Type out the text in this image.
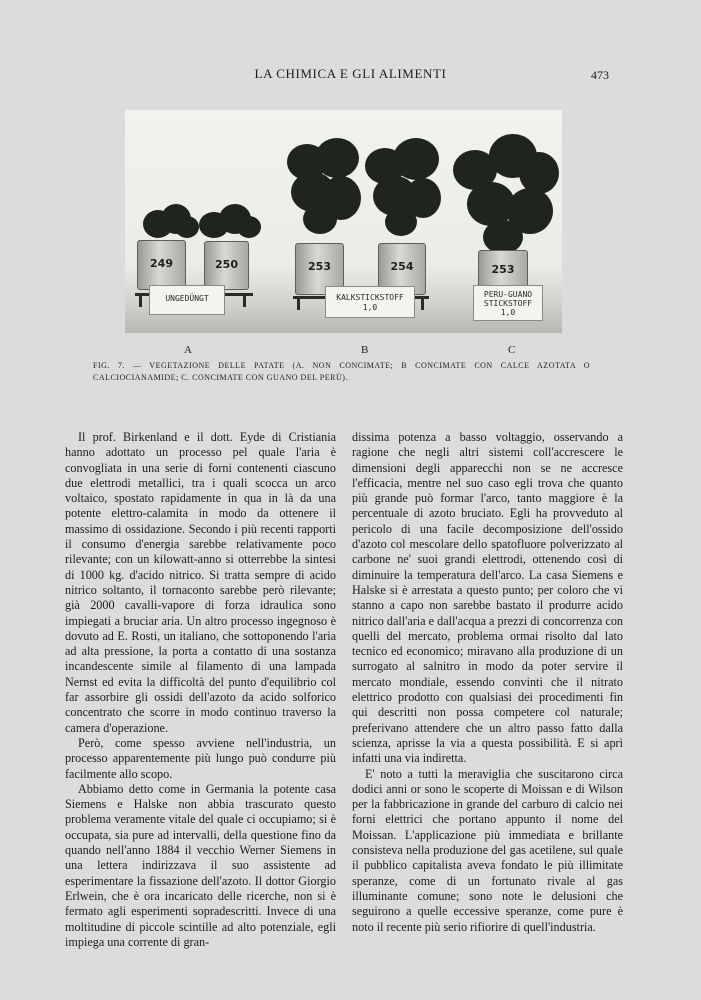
LA CHIMICA E GLI ALIMENTI	473
249	250
UNGEDÜNGT
253	254
KALKSTICKSTOFF
1,0
253
PERU-GUANO
STICKSTOFF
1,0
A	B	C
FIG. 7. — VEGETAZIONE DELLE PATATE (A. NON CONCIMATE; B CONCIMATE CON CALCE AZOTATA O CALCIOCIANAMIDE; C. CONCIMATE CON GUANO DEL PERÙ).

Il prof. Birkenland e il dott. Eyde di Cristiania hanno adottato un processo pel quale l'aria è convogliata in una serie di forni contenenti ciascuno due elettrodi metallici, tra i quali scocca un arco voltaico, spostato rapidamente in qua in là da una potente elettro-calamita in modo da ottenere il massimo di ossidazione. Secondo i più recenti rapporti il consumo d'energia sarebbe relativamente poco rilevante; con un kilowatt-anno si otterrebbe la sintesi di 1000 kg. d'acido nitrico. Si tratta sempre di acido nitrico soltanto, il tornaconto sarebbe però rilevante; già 2000 cavalli-vapore di forza idraulica sono impiegati a bruciar aria. Un altro processo ingegnoso è dovuto ad E. Rosti, un italiano, che sottoponendo l'aria ad alta pressione, la porta a contatto di una sostanza incandescente simile al filamento di una lampada Nernst ed evita la difficoltà del punto d'equilibrio col far assorbire gli ossidi dell'azoto da acido solforico concentrato che scorre in modo continuo traverso la camera d'operazione.

Però, come spesso avviene nell'industria, un processo apparentemente più lungo può condurre più facilmente allo scopo.

Abbiamo detto come in Germania la potente casa Siemens e Halske non abbia trascurato questo problema veramente vitale del quale ci occupiamo; si è occupata, sia pure ad intervalli, della questione fino da quando nell'anno 1884 il vecchio Werner Siemens in una lettera indirizzava il suo assistente ad esperimentare la fissazione dell'azoto. Il dottor Giorgio Erlwein, che è ora incaricato delle ricerche, non si è fermato agli esperimenti sopradescritti. Invece di una moltitudine di piccole scintille ad alto potenziale, egli impiega una corrente di gran-

dissima potenza a basso voltaggio, osservando a ragione che negli altri sistemi coll'accrescere le dimensioni degli apparecchi non se ne accresce l'efficacia, mentre nel suo caso egli trova che quanto più grande può formar l'arco, tanto maggiore è la percentuale di azoto bruciato. Egli ha provveduto al pericolo di una facile decomposizione dell'ossido d'azoto col mescolare dello spatofluore polverizzato al carbone ne' suoi grandi elettrodi, ottenendo così di diminuire la temperatura dell'arco. La casa Siemens e Halske si è arrestata a questo punto; per coloro che vi stanno a capo non sarebbe bastato il produrre acido nitrico dall'aria e dall'acqua a prezzi di concorrenza con quelli del mercato, problema ormai risolto dal lato tecnico ed economico; miravano alla produzione di un surrogato al salnitro in modo da poter servire il mercato mondiale, essendo convinti che il nitrato elettrico prodotto con qualsiasi dei procedimenti fin qui descritti non possa competere col naturale; preferivano attendere che un altro passo fatto dalla scienza, aprisse la via a questa possibilità. E si aprì infatti una via indiretta.

E' noto a tutti la meraviglia che suscitarono circa dodici anni or sono le scoperte di Moissan e di Wilson per la fabbricazione in grande del carburo di calcio nei forni elettrici che portano appunto il nome del Moissan. L'applicazione più immediata e brillante consisteva nella produzione del gas acetilene, sul quale il pubblico capitalista aveva fondato le più illimitate speranze, come di un fortunato rivale al gas illuminante comune; sono note le delusioni che seguirono a quelle eccessive speranze, come pure è noto il recente più serio rifiorire di quell'industria.
